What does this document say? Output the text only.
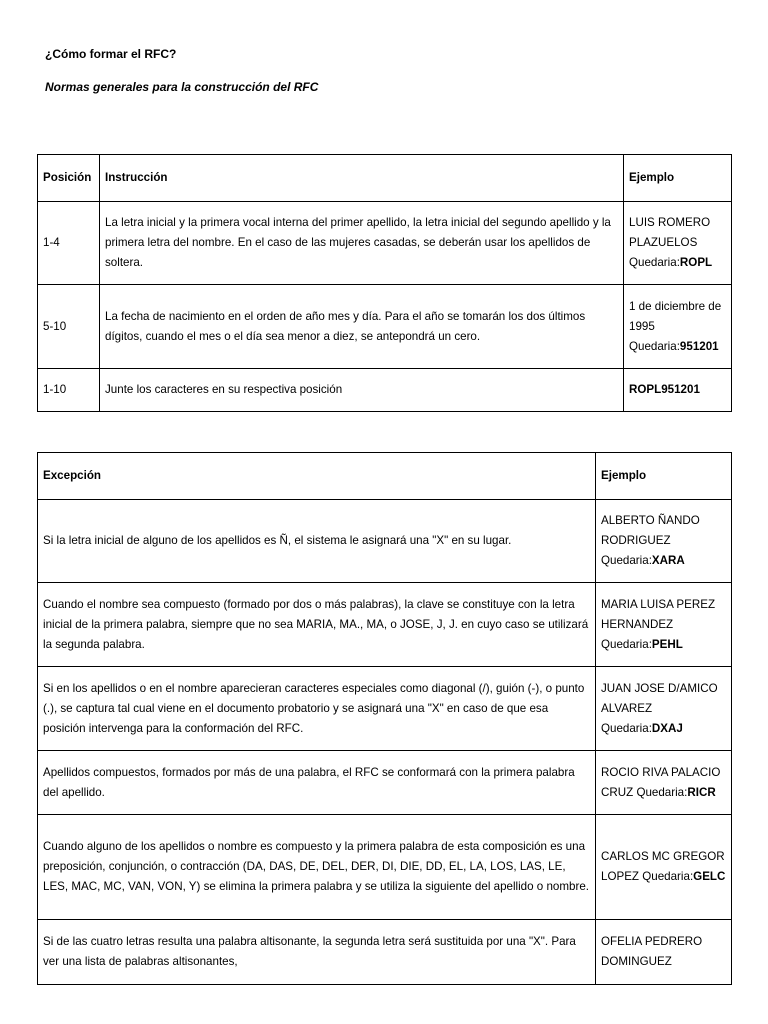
¿Cómo formar el RFC?
Normas generales para la construcción del RFC
Posición	Instrucción	Ejemplo
1-4	La letra inicial y la primera vocal interna del primer apellido, la letra inicial del segundo apellido y la primera letra del nombre. En el caso de las mujeres casadas, se deberán usar los apellidos de soltera.	LUIS ROMERO PLAZUELOS Quedaria:ROPL
5-10	La fecha de nacimiento en el orden de año mes y día. Para el año se tomarán los dos últimos dígitos, cuando el mes o el día sea menor a diez, se antepondrá un cero.	1 de diciembre de 1995 Quedaria:951201
1-10	Junte los caracteres en su respectiva posición	ROPL951201
Excepción	Ejemplo
Si la letra inicial de alguno de los apellidos es Ñ, el sistema le asignará una "X" en su lugar.	ALBERTO ÑANDO RODRIGUEZ Quedaria:XARA
Cuando el nombre sea compuesto (formado por dos o más palabras), la clave se constituye con la letra inicial de la primera palabra, siempre que no sea MARIA, MA., MA, o JOSE, J, J. en cuyo caso se utilizará la segunda palabra.	MARIA LUISA PEREZ HERNANDEZ Quedaria:PEHL
Si en los apellidos o en el nombre aparecieran caracteres especiales como diagonal (/), guión (-), o punto (.), se captura tal cual viene en el documento probatorio y se asignará una "X" en caso de que esa posición intervenga para la conformación del RFC.	JUAN JOSE D/AMICO ALVAREZ Quedaria:DXAJ
Apellidos compuestos, formados por más de una palabra, el RFC se conformará con la primera palabra del apellido.	ROCIO RIVA PALACIO CRUZ Quedaria:RICR
Cuando alguno de los apellidos o nombre es compuesto y la primera palabra de esta composición es una preposición, conjunción, o contracción (DA, DAS, DE, DEL, DER, DI, DIE, DD, EL, LA, LOS, LAS, LE, LES, MAC, MC, VAN, VON, Y) se elimina la primera palabra y se utiliza la siguiente del apellido o nombre.	CARLOS MC GREGOR LOPEZ Quedaria:GELC
Si de las cuatro letras resulta una palabra altisonante, la segunda letra será sustituida por una "X". Para ver una lista de palabras altisonantes,	OFELIA PEDRERO DOMINGUEZ
